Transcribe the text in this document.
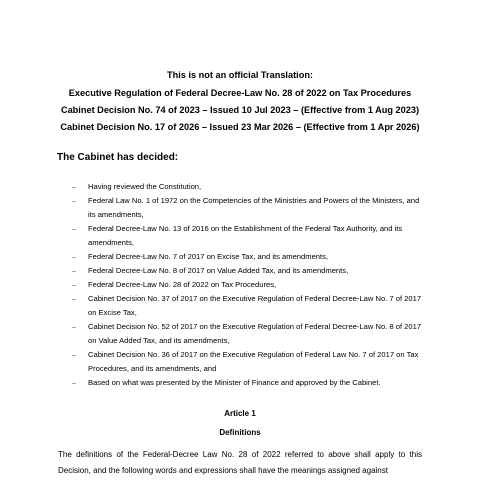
This is not an official Translation:
Executive Regulation of Federal Decree-Law No. 28 of 2022 on Tax Procedures
Cabinet Decision No. 74 of 2023 – Issued 10 Jul 2023 – (Effective from 1 Aug 2023)
Cabinet Decision No. 17 of 2026 – Issued 23 Mar 2026 – (Effective from 1 Apr 2026)
The Cabinet has decided:
– Having reviewed the Constitution,
– Federal Law No. 1 of 1972 on the Competencies of the Ministries and Powers of the Ministers, and its amendments,
– Federal Decree-Law No. 13 of 2016 on the Establishment of the Federal Tax Authority, and its amendments,
– Federal Decree-Law No. 7 of 2017 on Excise Tax, and its amendments,
– Federal Decree-Law No. 8 of 2017 on Value Added Tax, and its amendments,
– Federal Decree-Law No. 28 of 2022 on Tax Procedures,
– Cabinet Decision No. 37 of 2017 on the Executive Regulation of Federal Decree-Law No. 7 of 2017 on Excise Tax,
– Cabinet Decision No. 52 of 2017 on the Executive Regulation of Federal Decree-Law No. 8 of 2017 on Value Added Tax, and its amendments,
– Cabinet Decision No. 36 of 2017 on the Executive Regulation of Federal Law No. 7 of 2017 on Tax Procedures, and its amendments, and
– Based on what was presented by the Minister of Finance and approved by the Cabinet.
Article 1
Definitions
The definitions of the Federal-Decree Law No. 28 of 2022 referred to above shall apply to this Decision, and the following words and expressions shall have the meanings assigned against
